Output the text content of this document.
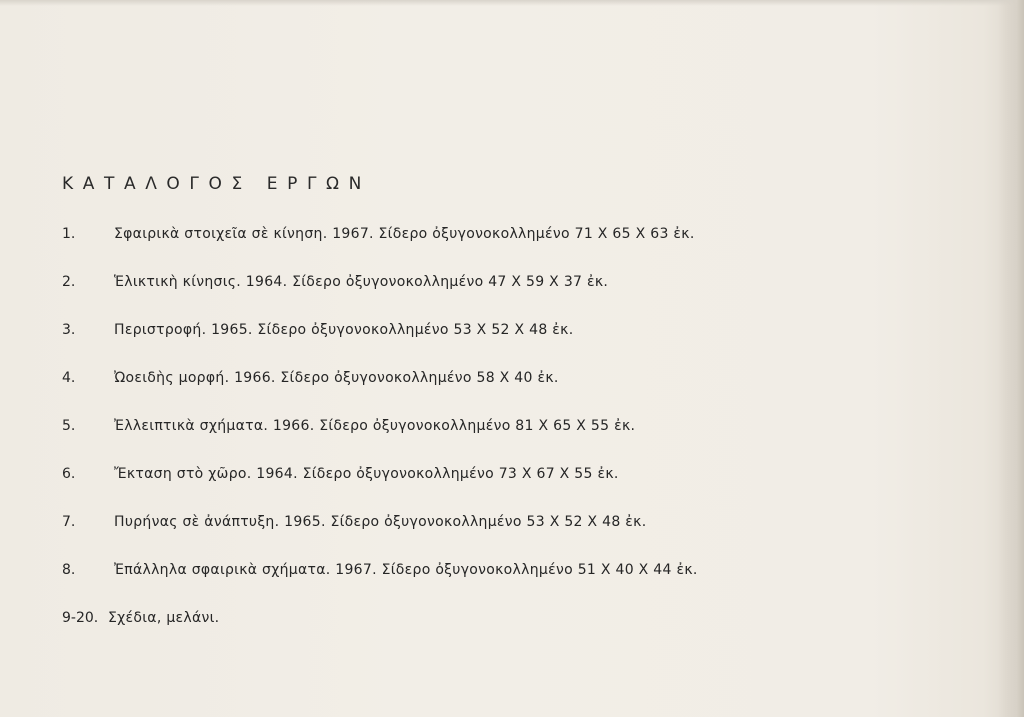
ΚΑΤΑΛΟΓΟΣ ΕΡΓΩΝ
1.	Σφαιρικὰ στοιχεῖα σὲ κίνηση. 1967. Σίδερο ὀξυγονοκολλημένο 71 Χ 65 Χ 63 ἐκ.
2.	Ἑλικτικὴ κίνησις. 1964. Σίδερο ὀξυγονοκολλημένο 47 Χ 59 Χ 37 ἐκ.
3.	Περιστροφή. 1965. Σίδερο ὀξυγονοκολλημένο 53 Χ 52 Χ 48 ἐκ.
4.	Ὠοειδὴς μορφή. 1966. Σίδερο ὀξυγονοκολλημένο 58 Χ 40 ἐκ.
5.	Ἐλλειπτικὰ σχήματα. 1966. Σίδερο ὀξυγονοκολλημένο 81 Χ 65 Χ 55 ἐκ.
6.	Ἔκταση στὸ χῶρο. 1964. Σίδερο ὀξυγονοκολλημένο 73 Χ 67 Χ 55 ἐκ.
7.	Πυρήνας σὲ ἀνάπτυξη. 1965. Σίδερο ὀξυγονοκολλημένο 53 Χ 52 Χ 48 ἐκ.
8.	Ἐπάλληλα σφαιρικὰ σχήματα. 1967. Σίδερο ὀξυγονοκολλημένο 51 Χ 40 Χ 44 ἐκ.
9-20. Σχέδια, μελάνι.
